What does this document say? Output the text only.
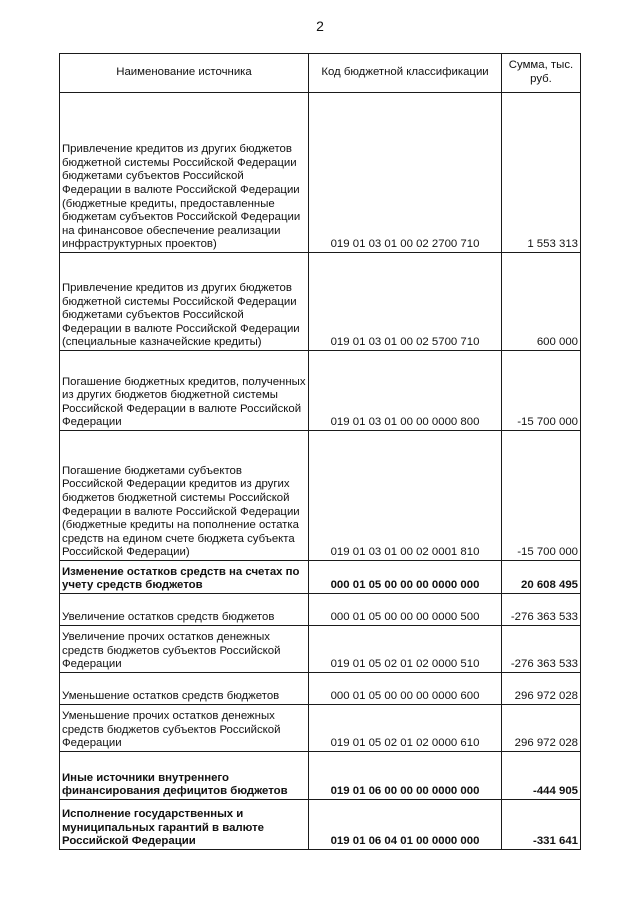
2
Наименование источника	Код бюджетной классификации	Сумма, тыс. руб.
Привлечение кредитов из других бюджетов бюджетной системы Российской Федерации бюджетами субъектов Российской Федерации в валюте Российской Федерации (бюджетные кредиты, предоставленные бюджетам субъектов Российской Федерации на финансовое обеспечение реализации инфраструктурных проектов)	019 01 03 01 00 02 2700 710	1 553 313
Привлечение кредитов из других бюджетов бюджетной системы Российской Федерации бюджетами субъектов Российской Федерации в валюте Российской Федерации (специальные казначейские кредиты)	019 01 03 01 00 02 5700 710	600 000
Погашение бюджетных кредитов, полученных из других бюджетов бюджетной системы Российской Федерации в валюте Российской Федерации	019 01 03 01 00 00 0000 800	-15 700 000
Погашение бюджетами субъектов Российской Федерации кредитов из других бюджетов бюджетной системы Российской Федерации в валюте Российской Федерации (бюджетные кредиты на пополнение остатка средств на едином счете бюджета субъекта Российской Федерации)	019 01 03 01 00 02 0001 810	-15 700 000
Изменение остатков средств на счетах по учету средств бюджетов	000 01 05 00 00 00 0000 000	20 608 495
Увеличение остатков средств бюджетов	000 01 05 00 00 00 0000 500	-276 363 533
Увеличение прочих остатков денежных средств бюджетов субъектов Российской Федерации	019 01 05 02 01 02 0000 510	-276 363 533
Уменьшение остатков средств бюджетов	000 01 05 00 00 00 0000 600	296 972 028
Уменьшение прочих остатков денежных средств бюджетов субъектов Российской Федерации	019 01 05 02 01 02 0000 610	296 972 028
Иные источники внутреннего финансирования дефицитов бюджетов	019 01 06 00 00 00 0000 000	-444 905
Исполнение государственных и муниципальных гарантий в валюте Российской Федерации	019 01 06 04 01 00 0000 000	-331 641
